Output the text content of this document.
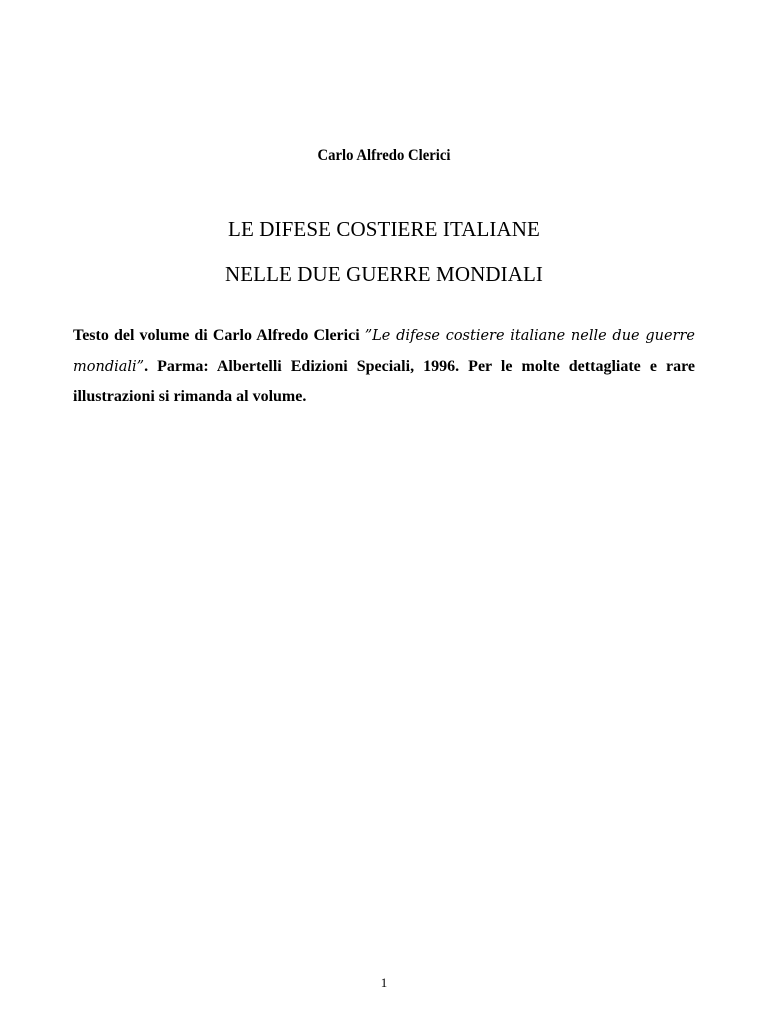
Carlo Alfredo Clerici
LE DIFESE COSTIERE ITALIANE
NELLE DUE GUERRE MONDIALI

Testo del volume di Carlo Alfredo Clerici ”Le difese costiere italiane nelle due guerre mondiali”. Parma: Albertelli Edizioni Speciali, 1996. Per le molte dettagliate e rare illustrazioni si rimanda al volume.

1
